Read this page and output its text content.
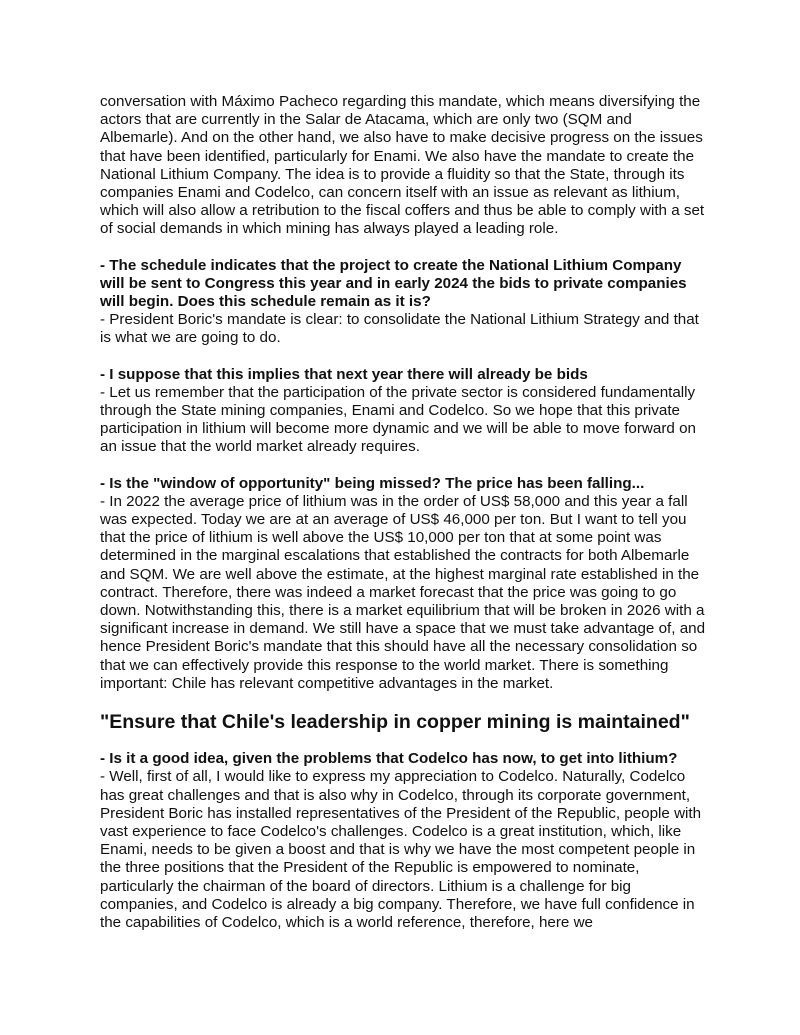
conversation with Máximo Pacheco regarding this mandate, which means diversifying the actors that are currently in the Salar de Atacama, which are only two (SQM and Albemarle). And on the other hand, we also have to make decisive progress on the issues that have been identified, particularly for Enami. We also have the mandate to create the National Lithium Company. The idea is to provide a fluidity so that the State, through its companies Enami and Codelco, can concern itself with an issue as relevant as lithium, which will also allow a retribution to the fiscal coffers and thus be able to comply with a set of social demands in which mining has always played a leading role.

- The schedule indicates that the project to create the National Lithium Company will be sent to Congress this year and in early 2024 the bids to private companies will begin. Does this schedule remain as it is?

- President Boric's mandate is clear: to consolidate the National Lithium Strategy and that is what we are going to do.

- I suppose that this implies that next year there will already be bids

- Let us remember that the participation of the private sector is considered fundamentally through the State mining companies, Enami and Codelco. So we hope that this private participation in lithium will become more dynamic and we will be able to move forward on an issue that the world market already requires.

- Is the "window of opportunity" being missed? The price has been falling...

- In 2022 the average price of lithium was in the order of US$ 58,000 and this year a fall was expected. Today we are at an average of US$ 46,000 per ton. But I want to tell you that the price of lithium is well above the US$ 10,000 per ton that at some point was determined in the marginal escalations that established the contracts for both Albemarle and SQM. We are well above the estimate, at the highest marginal rate established in the contract. Therefore, there was indeed a market forecast that the price was going to go down. Notwithstanding this, there is a market equilibrium that will be broken in 2026 with a significant increase in demand. We still have a space that we must take advantage of, and hence President Boric's mandate that this should have all the necessary consolidation so that we can effectively provide this response to the world market. There is something important: Chile has relevant competitive advantages in the market.

"Ensure that Chile's leadership in copper mining is maintained"

- Is it a good idea, given the problems that Codelco has now, to get into lithium?

- Well, first of all, I would like to express my appreciation to Codelco. Naturally, Codelco has great challenges and that is also why in Codelco, through its corporate government, President Boric has installed representatives of the President of the Republic, people with vast experience to face Codelco's challenges. Codelco is a great institution, which, like Enami, needs to be given a boost and that is why we have the most competent people in the three positions that the President of the Republic is empowered to nominate, particularly the chairman of the board of directors. Lithium is a challenge for big companies, and Codelco is already a big company. Therefore, we have full confidence in the capabilities of Codelco, which is a world reference, therefore, here we
